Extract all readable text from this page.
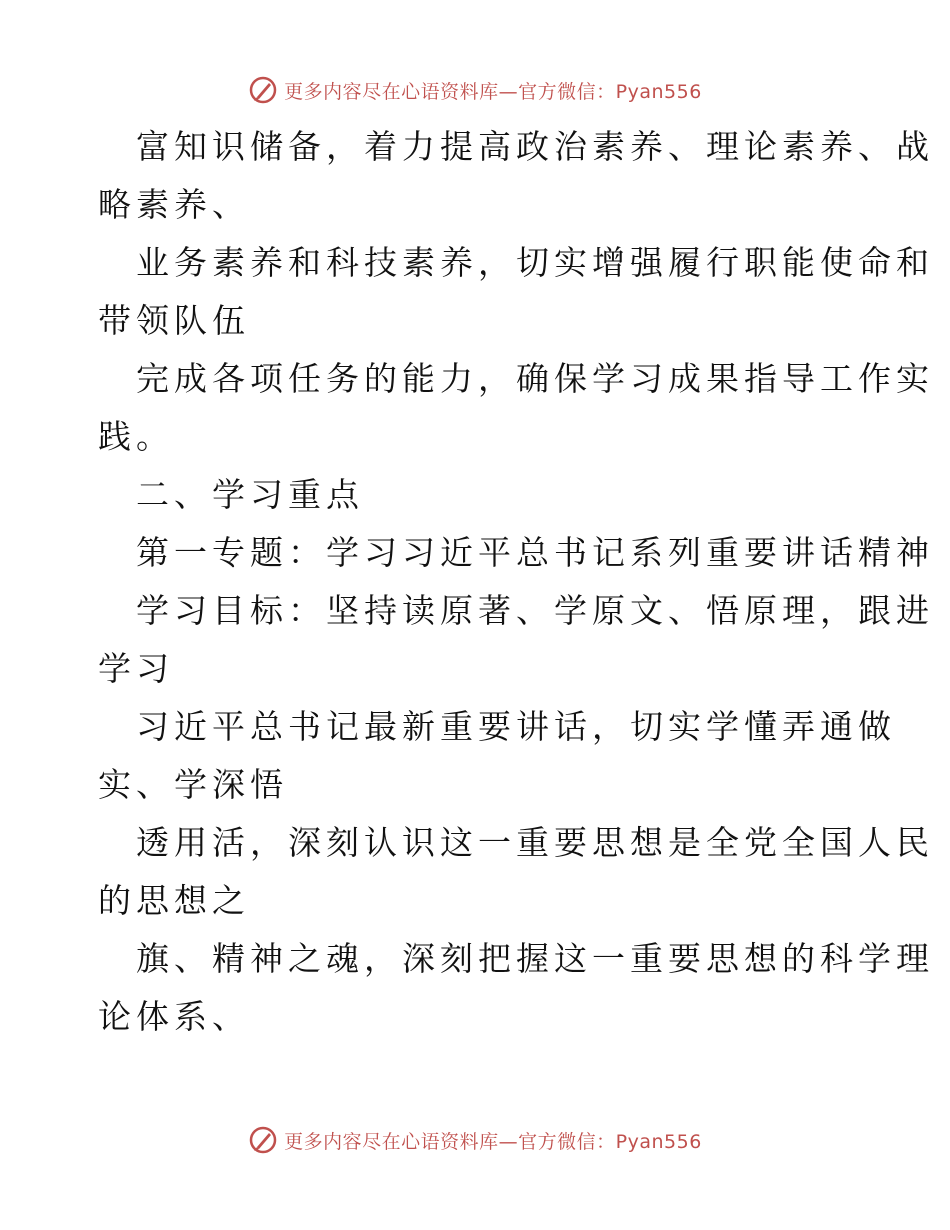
更多内容尽在心语资料库—官方微信：Pyan556
富知识储备，着力提高政治素养、理论素养、战
略素养、
业务素养和科技素养，切实增强履行职能使命和
带领队伍
完成各项任务的能力，确保学习成果指导工作实
践。
二、学习重点
第一专题：学习习近平总书记系列重要讲话精神
学习目标：坚持读原著、学原文、悟原理，跟进
学习
习近平总书记最新重要讲话，切实学懂弄通做
实、学深悟
透用活，深刻认识这一重要思想是全党全国人民
的思想之
旗、精神之魂，深刻把握这一重要思想的科学理
论体系、
更多内容尽在心语资料库—官方微信：Pyan556
